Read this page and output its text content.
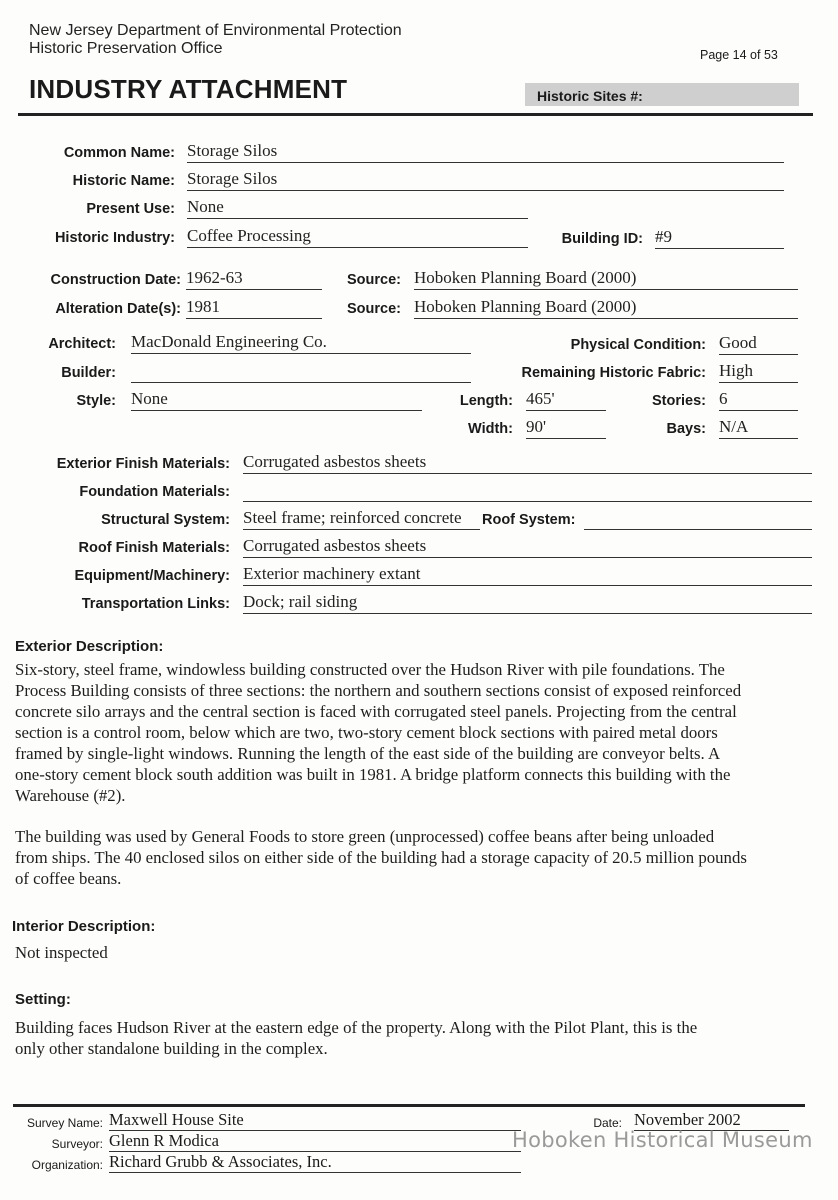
New Jersey Department of Environmental Protection
Historic Preservation Office	Page 14 of 53
INDUSTRY ATTACHMENT	Historic Sites #:
Common Name: Storage Silos
Historic Name: Storage Silos
Present Use: None
Historic Industry: Coffee Processing	Building ID: #9
Construction Date: 1962-63	Source: Hoboken Planning Board (2000)
Alteration Date(s): 1981	Source: Hoboken Planning Board (2000)
Architect: MacDonald Engineering Co.	Physical Condition: Good
Builder:	Remaining Historic Fabric: High
Style: None	Length: 465'	Stories: 6
Width: 90'	Bays: N/A
Exterior Finish Materials: Corrugated asbestos sheets
Foundation Materials:
Structural System: Steel frame; reinforced concrete	Roof System:
Roof Finish Materials: Corrugated asbestos sheets
Equipment/Machinery: Exterior machinery extant
Transportation Links: Dock; rail siding
Exterior Description:
Six-story, steel frame, windowless building constructed over the Hudson River with pile foundations. The
Process Building consists of three sections: the northern and southern sections consist of exposed reinforced
concrete silo arrays and the central section is faced with corrugated steel panels. Projecting from the central
section is a control room, below which are two, two-story cement block sections with paired metal doors
framed by single-light windows. Running the length of the east side of the building are conveyor belts. A
one-story cement block south addition was built in 1981. A bridge platform connects this building with the
Warehouse (#2).
The building was used by General Foods to store green (unprocessed) coffee beans after being unloaded
from ships. The 40 enclosed silos on either side of the building had a storage capacity of 20.5 million pounds
of coffee beans.
Interior Description:
Not inspected
Setting:
Building faces Hudson River at the eastern edge of the property. Along with the Pilot Plant, this is the
only other standalone building in the complex.
Survey Name: Maxwell House Site	Date: November 2002
Surveyor: Glenn R Modica
Organization: Richard Grubb & Associates, Inc.
Hoboken Historical Museum
